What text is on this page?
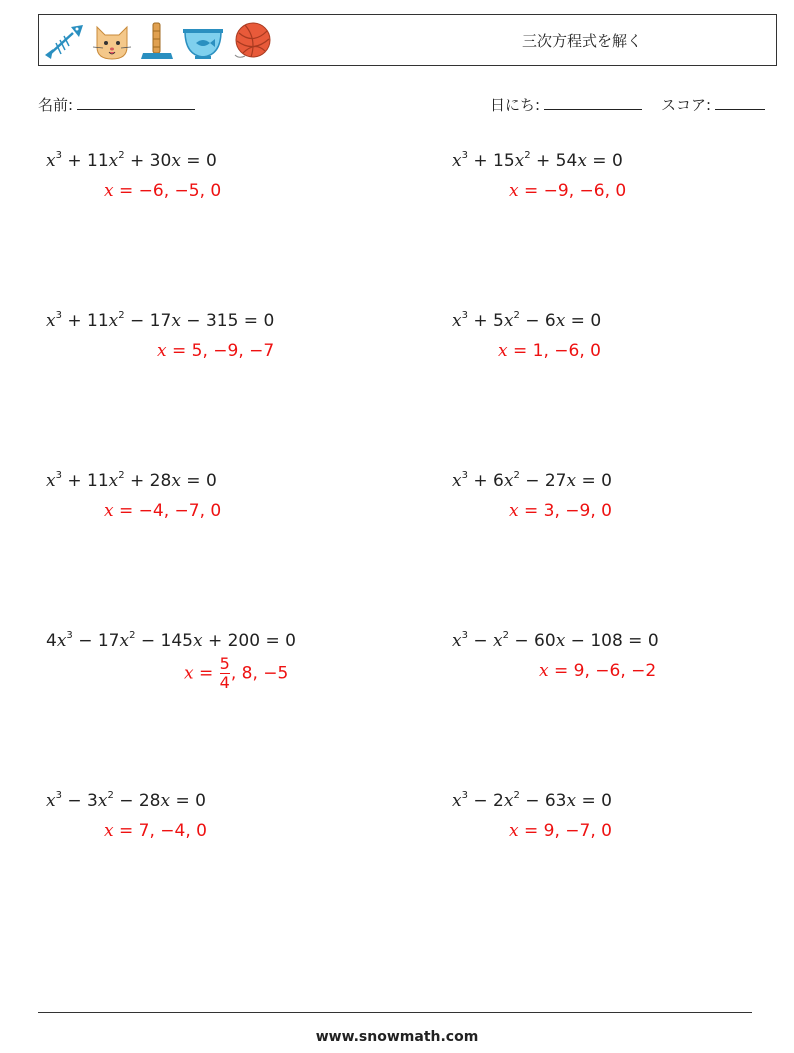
三次方程式を解く
名前:	日にち:	スコア:
$x^3 + 11x^2 + 30x = 0$
x = −6, −5, 0
$x^3 + 15x^2 + 54x = 0$
x = −9, −6, 0
$x^3 + 11x^2 - 17x - 315 = 0$
x = 5, −9, −7
$x^3 + 5x^2 - 6x = 0$
x = 1, −6, 0
$x^3 + 11x^2 + 28x = 0$
x = −4, −7, 0
$x^3 + 6x^2 - 27x = 0$
x = 3, −9, 0
$4x^3 - 17x^2 - 145x + 200 = 0$
$x = \frac{5}{4}$ , 8, −5
$x^3 - x^2 - 60x - 108 = 0$
x = 9, −6, −2
$x^3 - 3x^2 - 28x = 0$
x = 7, −4, 0
$x^3 - 2x^2 - 63x = 0$
x = 9, −7, 0
www.snowmath.com
